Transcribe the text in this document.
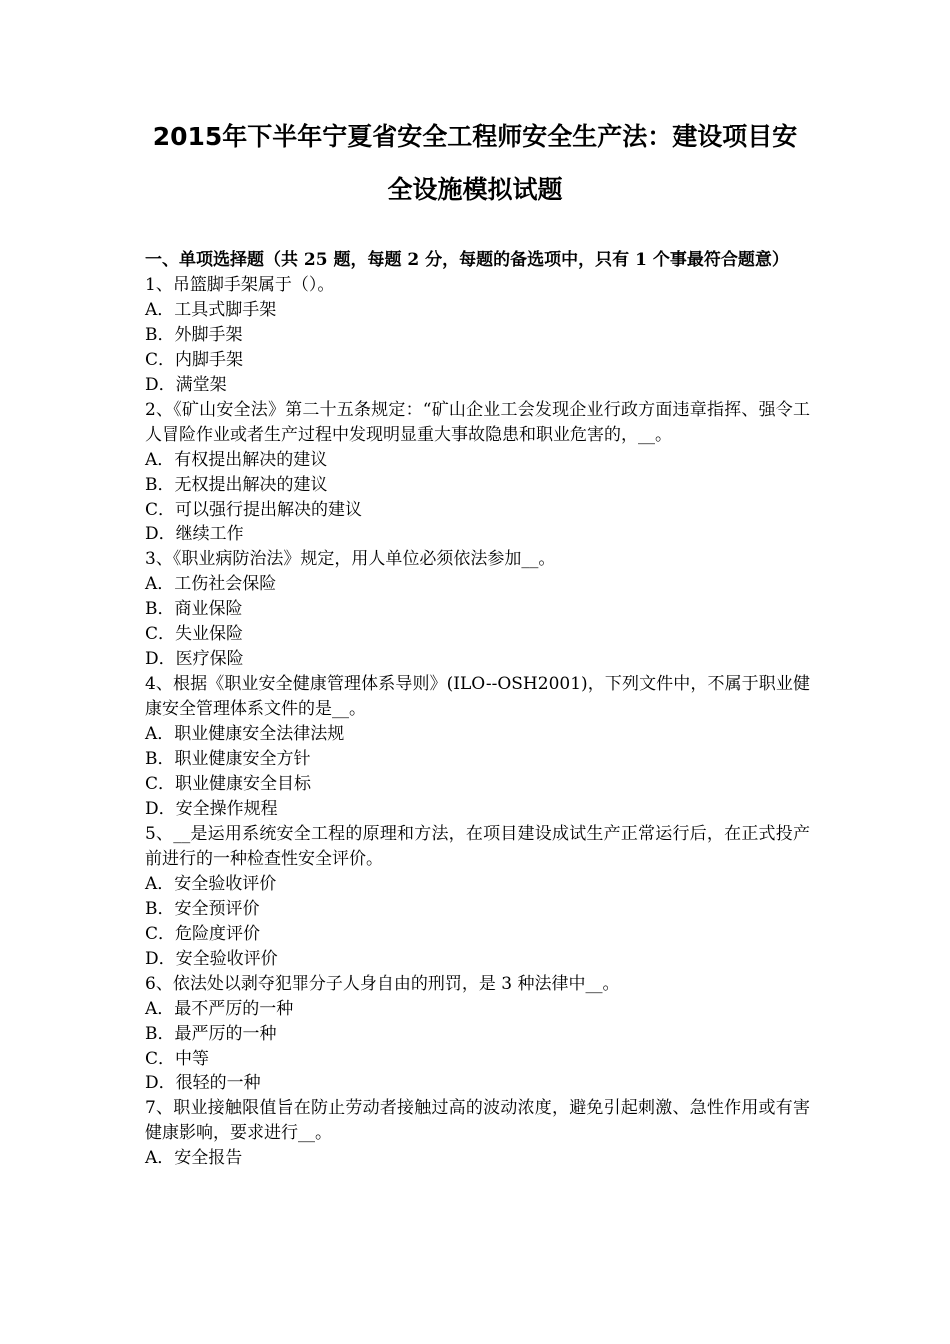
2015年下半年宁夏省安全工程师安全生产法：建设项目安
全设施模拟试题

一、单项选择题（共 25 题，每题 2 分，每题的备选项中，只有 1 个事最符合题意）

1、吊篮脚手架属于（）。

A．工具式脚手架

B．外脚手架

C．内脚手架

D．满堂架

2、《矿山安全法》第二十五条规定：“矿山企业工会发现企业行政方面违章指挥、强令工人冒险作业或者生产过程中发现明显重大事故隐患和职业危害的，__。

A．有权提出解决的建议

B．无权提出解决的建议

C．可以强行提出解决的建议

D．继续工作

3、《职业病防治法》规定，用人单位必须依法参加__。

A．工伤社会保险

B．商业保险

C．失业保险

D．医疗保险

4、根据《职业安全健康管理体系导则》(ILO--OSH2001)，下列文件中，不属于职业健康安全管理体系文件的是__。

A．职业健康安全法律法规

B．职业健康安全方针

C．职业健康安全目标

D．安全操作规程

5、__是运用系统安全工程的原理和方法，在项目建设成试生产正常运行后，在正式投产前进行的一种检查性安全评价。

A．安全验收评价

B．安全预评价

C．危险度评价

D．安全验收评价

6、依法处以剥夺犯罪分子人身自由的刑罚，是 3 种法律中__。

A．最不严厉的一种

B．最严厉的一种

C．中等

D．很轻的一种

7、职业接触限值旨在防止劳动者接触过高的波动浓度，避免引起刺激、急性作用或有害健康影响，要求进行__。

A．安全报告
